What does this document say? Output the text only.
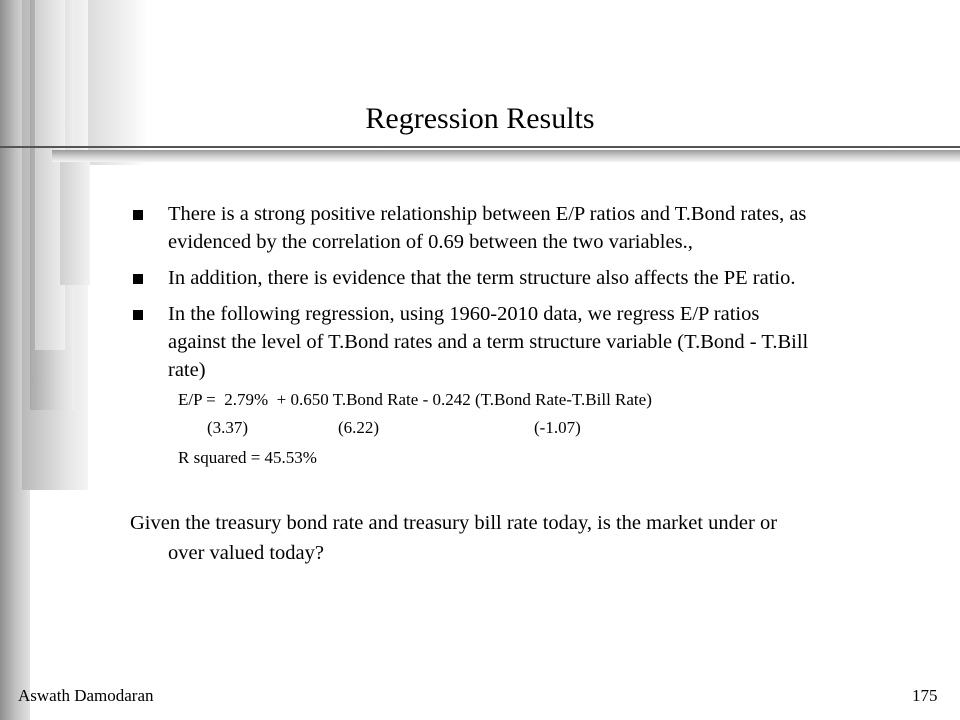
Regression Results
There is a strong positive relationship between E/P ratios and T.Bond rates, as
evidenced by the correlation of 0.69 between the two variables.,
In addition, there is evidence that the term structure also affects the PE ratio.
In the following regression, using 1960-2010 data, we regress E/P ratios
against the level of T.Bond rates and a term structure variable (T.Bond - T.Bill
rate)
E/P =  2.79%  + 0.650 T.Bond Rate - 0.242 (T.Bond Rate-T.Bill Rate)
(3.37)	(6.22)	(-1.07)
R squared = 45.53%
Given the treasury bond rate and treasury bill rate today, is the market under or
over valued today?
Aswath Damodaran	175
